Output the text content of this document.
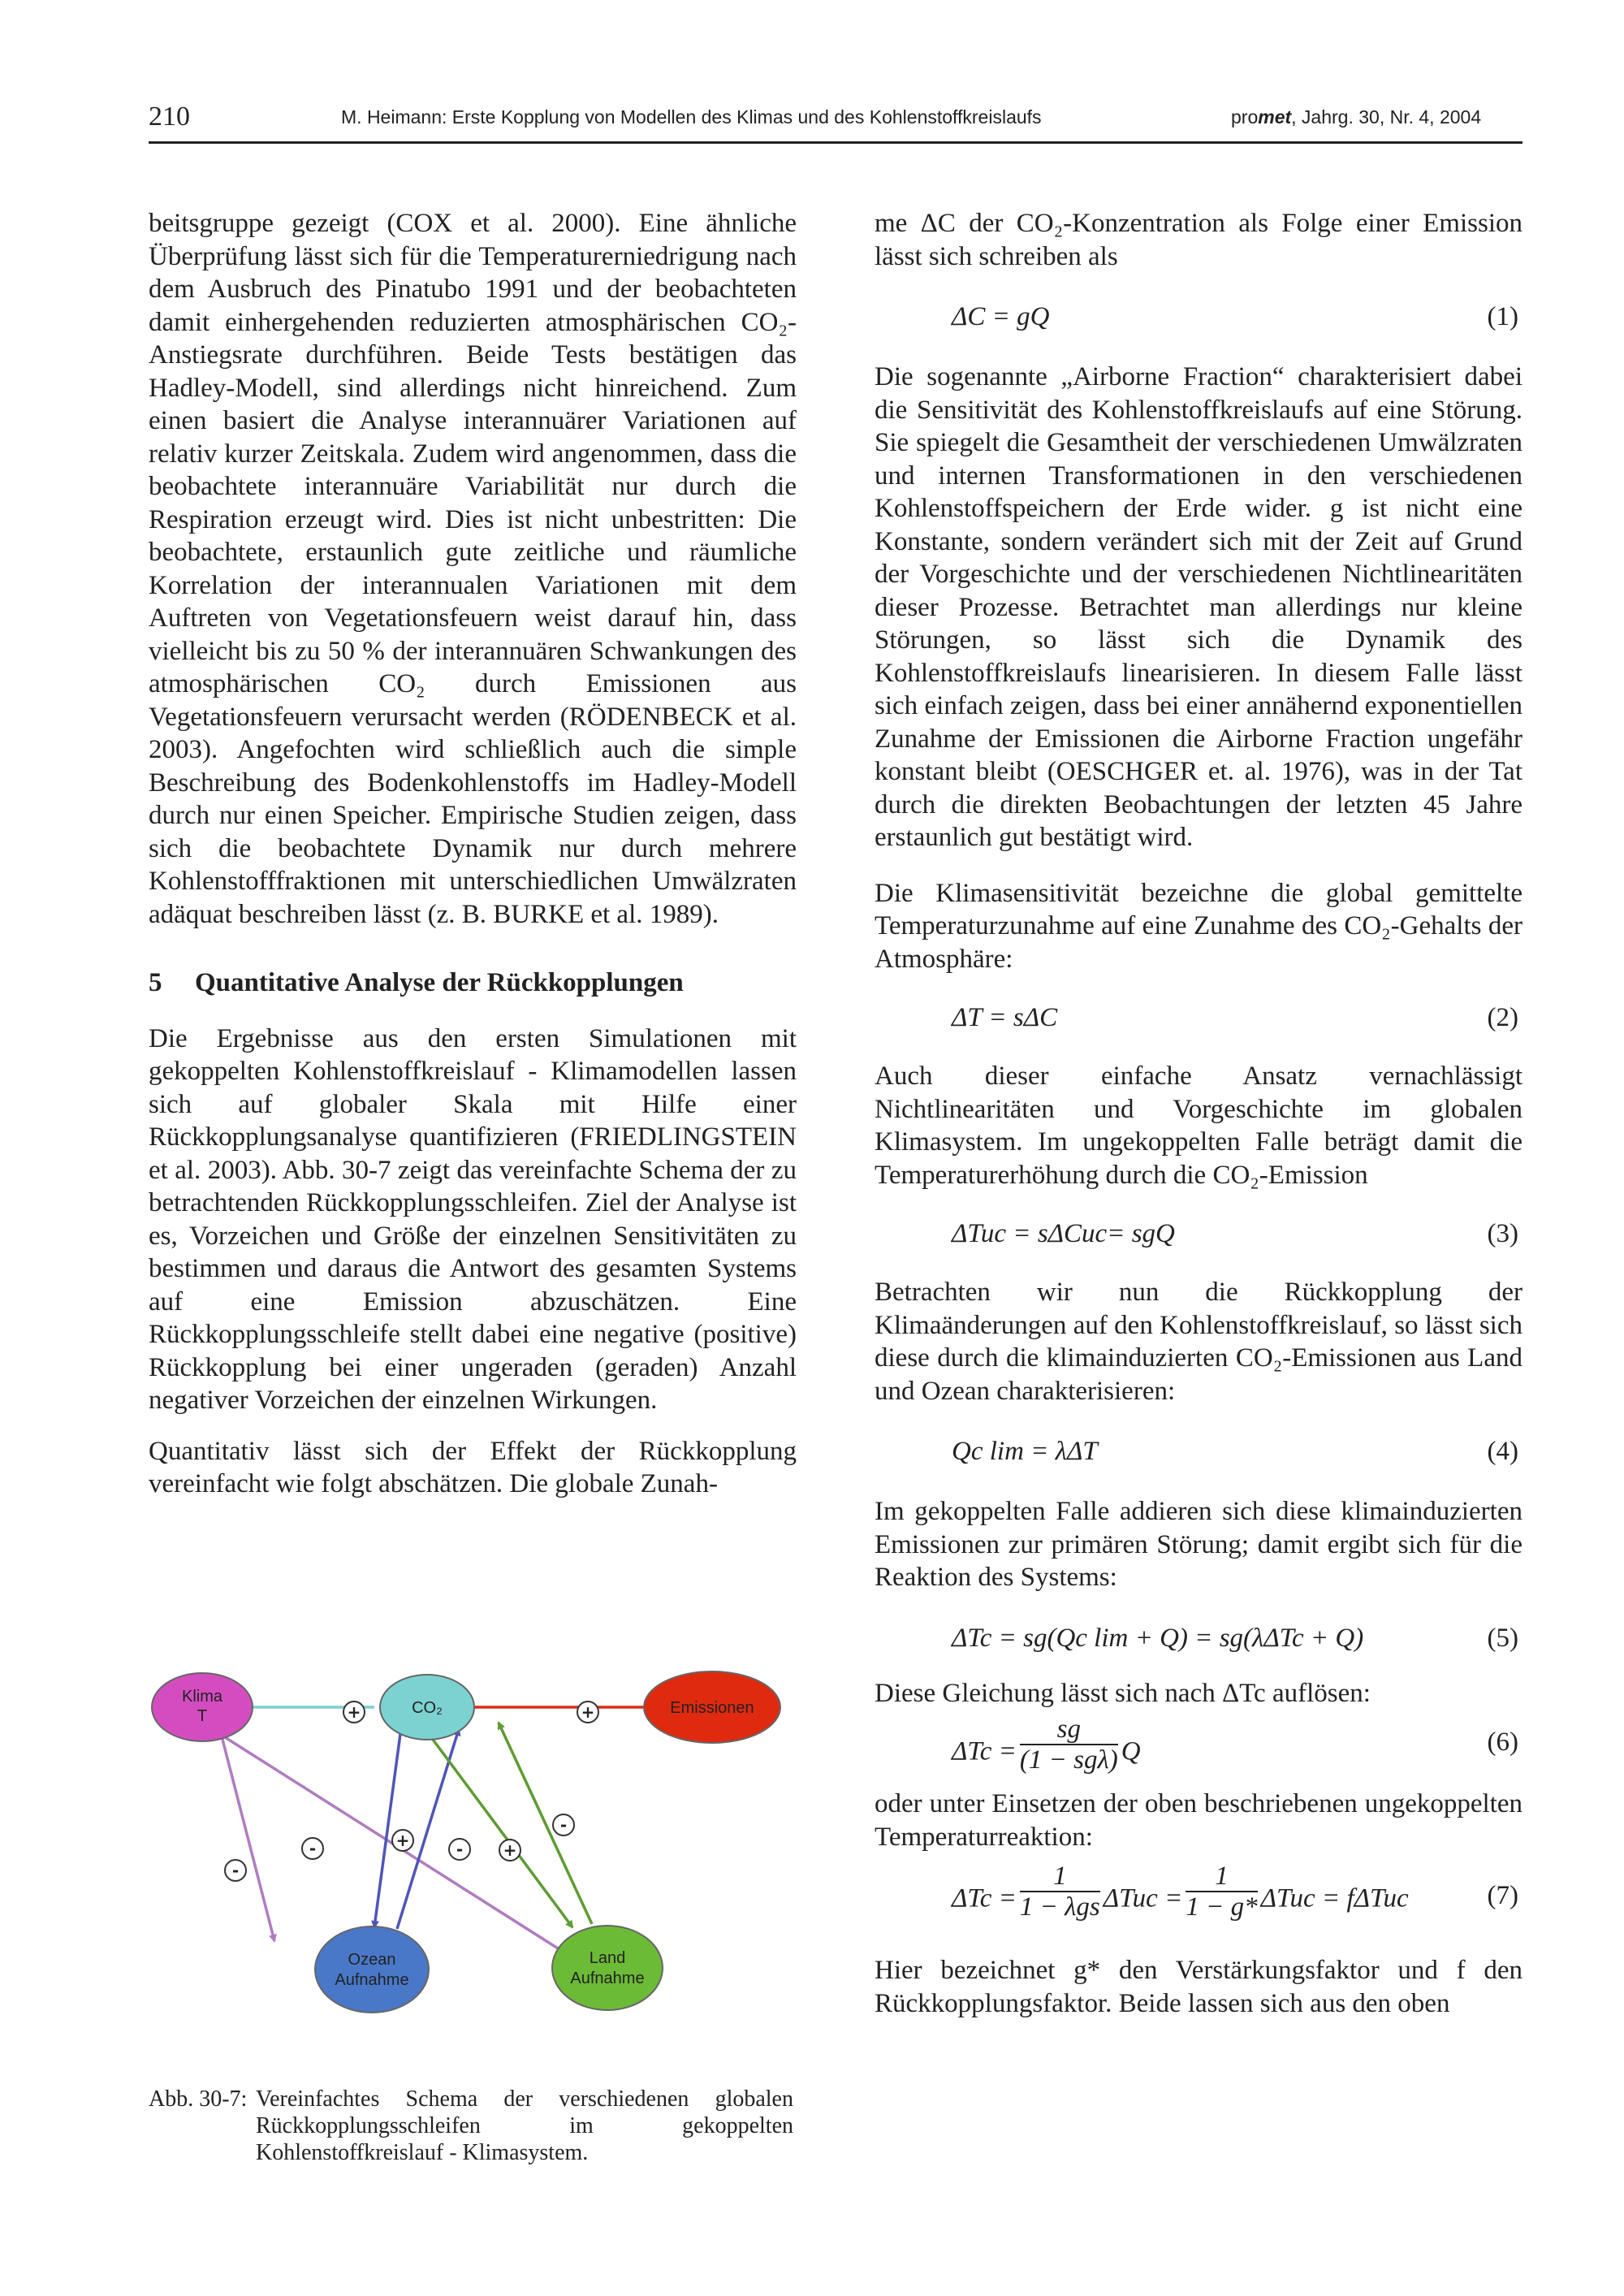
210	M. Heimann: Erste Kopplung von Modellen des Klimas und des Kohlenstoffkreislaufs	promet, Jahrg. 30, Nr. 4, 2004

beitsgruppe gezeigt (COX et al. 2000). Eine ähnliche Überprüfung lässt sich für die Temperaturerniedrigung nach dem Ausbruch des Pinatubo 1991 und der beobachteten damit einhergehenden reduzierten atmosphärischen CO₂-Anstiegsrate durchführen. Beide Tests bestätigen das Hadley-Modell, sind allerdings nicht hinreichend. Zum einen basiert die Analyse interannuärer Variationen auf relativ kurzer Zeitskala. Zudem wird angenommen, dass die beobachtete interannuäre Variabilität nur durch die Respiration erzeugt wird. Dies ist nicht unbestritten: Die beobachtete, erstaunlich gute zeitliche und räumliche Korrelation der interannualen Variationen mit dem Auftreten von Vegetationsfeuern weist darauf hin, dass vielleicht bis zu 50 % der interannuären Schwankungen des atmosphärischen CO₂ durch Emissionen aus Vegetationsfeuern verursacht werden (RÖDENBECK et al. 2003). Angefochten wird schließlich auch die simple Beschreibung des Bodenkohlenstoffs im Hadley-Modell durch nur einen Speicher. Empirische Studien zeigen, dass sich die beobachtete Dynamik nur durch mehrere Kohlenstofffraktionen mit unterschiedlichen Umwälzraten adäquat beschreiben lässt (z. B. BURKE et al. 1989).

5 Quantitative Analyse der Rückkopplungen

Die Ergebnisse aus den ersten Simulationen mit gekoppelten Kohlenstoffkreislauf - Klimamodellen lassen sich auf globaler Skala mit Hilfe einer Rückkopplungsanalyse quantifizieren (FRIEDLINGSTEIN et al. 2003). Abb. 30-7 zeigt das vereinfachte Schema der zu betrachtenden Rückkopplungsschleifen. Ziel der Analyse ist es, Vorzeichen und Größe der einzelnen Sensitivitäten zu bestimmen und daraus die Antwort des gesamten Systems auf eine Emission abzuschätzen. Eine Rückkopplungsschleife stellt dabei eine negative (positive) Rückkopplung bei einer ungeraden (geraden) Anzahl negativer Vorzeichen der einzelnen Wirkungen.

Quantitativ lässt sich der Effekt der Rückkopplung vereinfacht wie folgt abschätzen. Die globale Zunah-

Klima
T	CO₂	Emissionen
Ozean
Aufnahme
Land
Aufnahme
+	+
-
-	+	- +
-
Abb. 30-7: Vereinfachtes Schema der verschiedenen globalen Rückkopplungsschleifen im gekoppelten Kohlenstoffkreislauf - Klimasystem.

me ΔC der CO₂-Konzentration als Folge einer Emission lässt sich schreiben als

ΔC = gQ	(1)

Die sogenannte „Airborne Fraction“ charakterisiert dabei die Sensitivität des Kohlenstoffkreislaufs auf eine Störung. Sie spiegelt die Gesamtheit der verschiedenen Umwälzraten und internen Transformationen in den verschiedenen Kohlenstoffspeichern der Erde wider. g ist nicht eine Konstante, sondern verändert sich mit der Zeit auf Grund der Vorgeschichte und der verschiedenen Nichtlinearitäten dieser Prozesse. Betrachtet man allerdings nur kleine Störungen, so lässt sich die Dynamik des Kohlenstoffkreislaufs linearisieren. In diesem Falle lässt sich einfach zeigen, dass bei einer annähernd exponentiellen Zunahme der Emissionen die Airborne Fraction ungefähr konstant bleibt (OESCHGER et. al. 1976), was in der Tat durch die direkten Beobachtungen der letzten 45 Jahre erstaunlich gut bestätigt wird.

Die Klimasensitivität bezeichne die global gemittelte Temperaturzunahme auf eine Zunahme des CO₂-Gehalts der Atmosphäre:

ΔT = sΔC	(2)

Auch dieser einfache Ansatz vernachlässigt Nichtlinearitäten und Vorgeschichte im globalen Klimasystem. Im ungekoppelten Falle beträgt damit die Temperaturerhöhung durch die CO₂-Emission

ΔTuc = sΔCuc= sgQ	(3)

Betrachten wir nun die Rückkopplung der Klimaänderungen auf den Kohlenstoffkreislauf, so lässt sich diese durch die klimainduzierten CO₂-Emissionen aus Land und Ozean charakterisieren:

Qc lim = λΔT	(4)

Im gekoppelten Falle addieren sich diese klimainduzierten Emissionen zur primären Störung; damit ergibt sich für die Reaktion des Systems:

ΔTc = sg(Qc lim + Q) = sg(λΔTc + Q)	(5)

Diese Gleichung lässt sich nach ΔTc auflösen:

$\Delta Tc = \frac{sg}{\text{(1 − sgλ)}}$ Q	(6)

oder unter Einsetzen der oben beschriebenen ungekoppelten Temperaturreaktion:

$\Delta Tc = \frac{1}{\text{1 − λgs}}$ $\Delta Tuc = \frac{1}{1 - g*}$ ΔTuc = fΔTuc	(7)

Hier bezeichnet g* den Verstärkungsfaktor und f den Rückkopplungsfaktor. Beide lassen sich aus den oben
